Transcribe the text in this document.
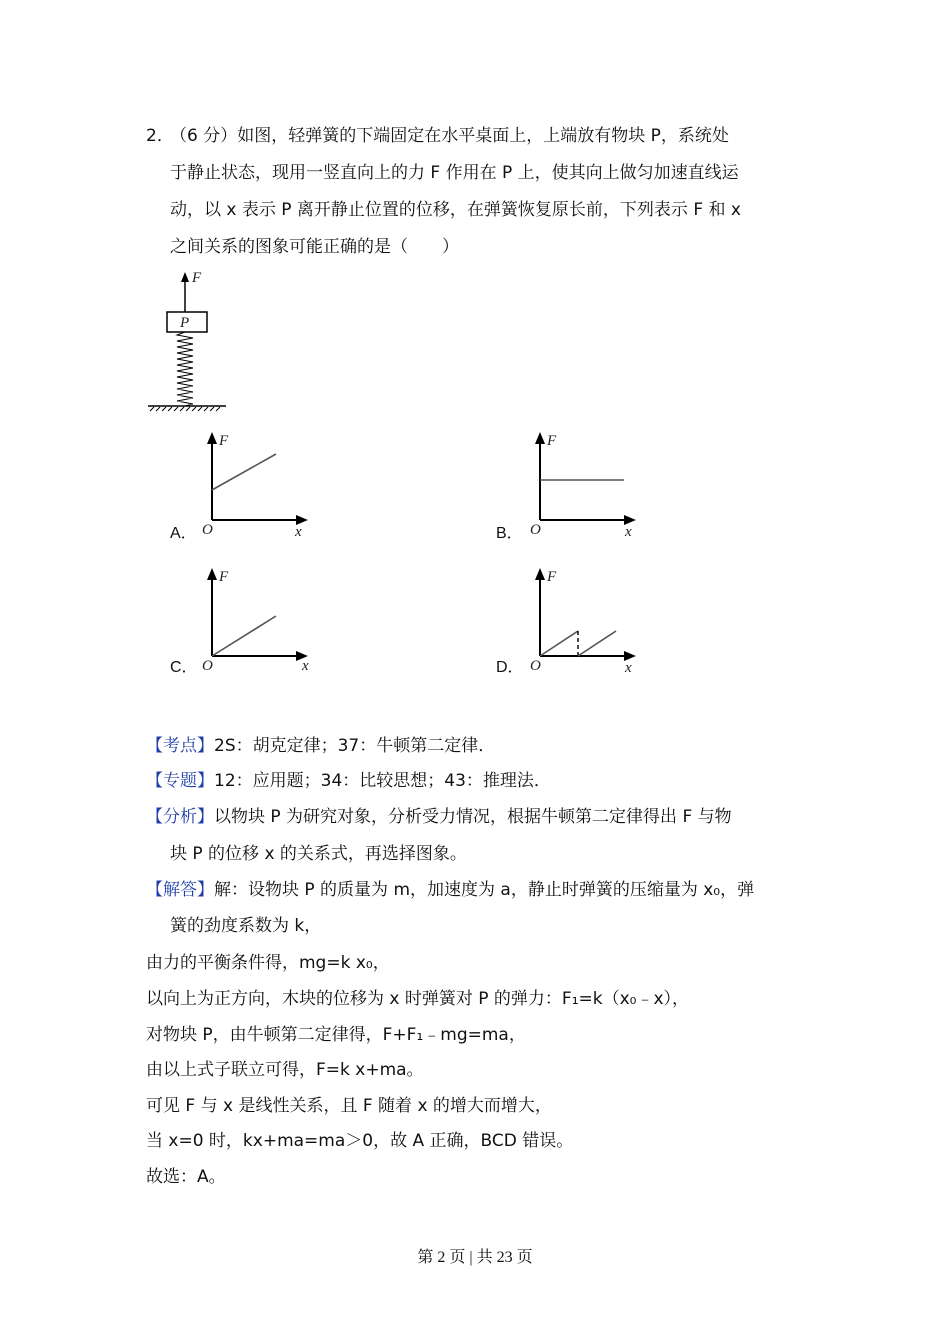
2．
（6 分）如图，轻弹簧的下端固定在水平桌面上，上端放有物块 P，系统处
于静止状态，现用一竖直向上的力 F 作用在 P 上，使其向上做匀加速直线运
动，以 x 表示 P 离开静止位置的位移，在弹簧恢复原长前，下列表示 F 和 x
之间关系的图象可能正确的是（　　）
F
P
A．
F
O	x	B．
F
O	x
C．
F
O	x	D．
F
O	x
【考点】2S：胡克定律；37：牛顿第二定律．
【专题】12：应用题；34：比较思想；43：推理法．
【分析】以物块 P 为研究对象，分析受力情况，根据牛顿第二定律得出 F 与物
块 P 的位移 x 的关系式，再选择图象。
【解答】解：设物块 P 的质量为 m，加速度为 a，静止时弹簧的压缩量为 x₀，弹
簧的劲度系数为 k，
由力的平衡条件得，mg=k x₀，
以向上为正方向，木块的位移为 x 时弹簧对 P 的弹力：F₁=k（x₀﹣x），
对物块 P，由牛顿第二定律得，F+F₁﹣mg=ma，
由以上式子联立可得，F=k x+ma。
可见 F 与 x 是线性关系，且 F 随着 x 的增大而增大，
当 x=0 时，kx+ma=ma＞0，故 A 正确，BCD 错误。
故选：A。
第 2 页 | 共 23 页
